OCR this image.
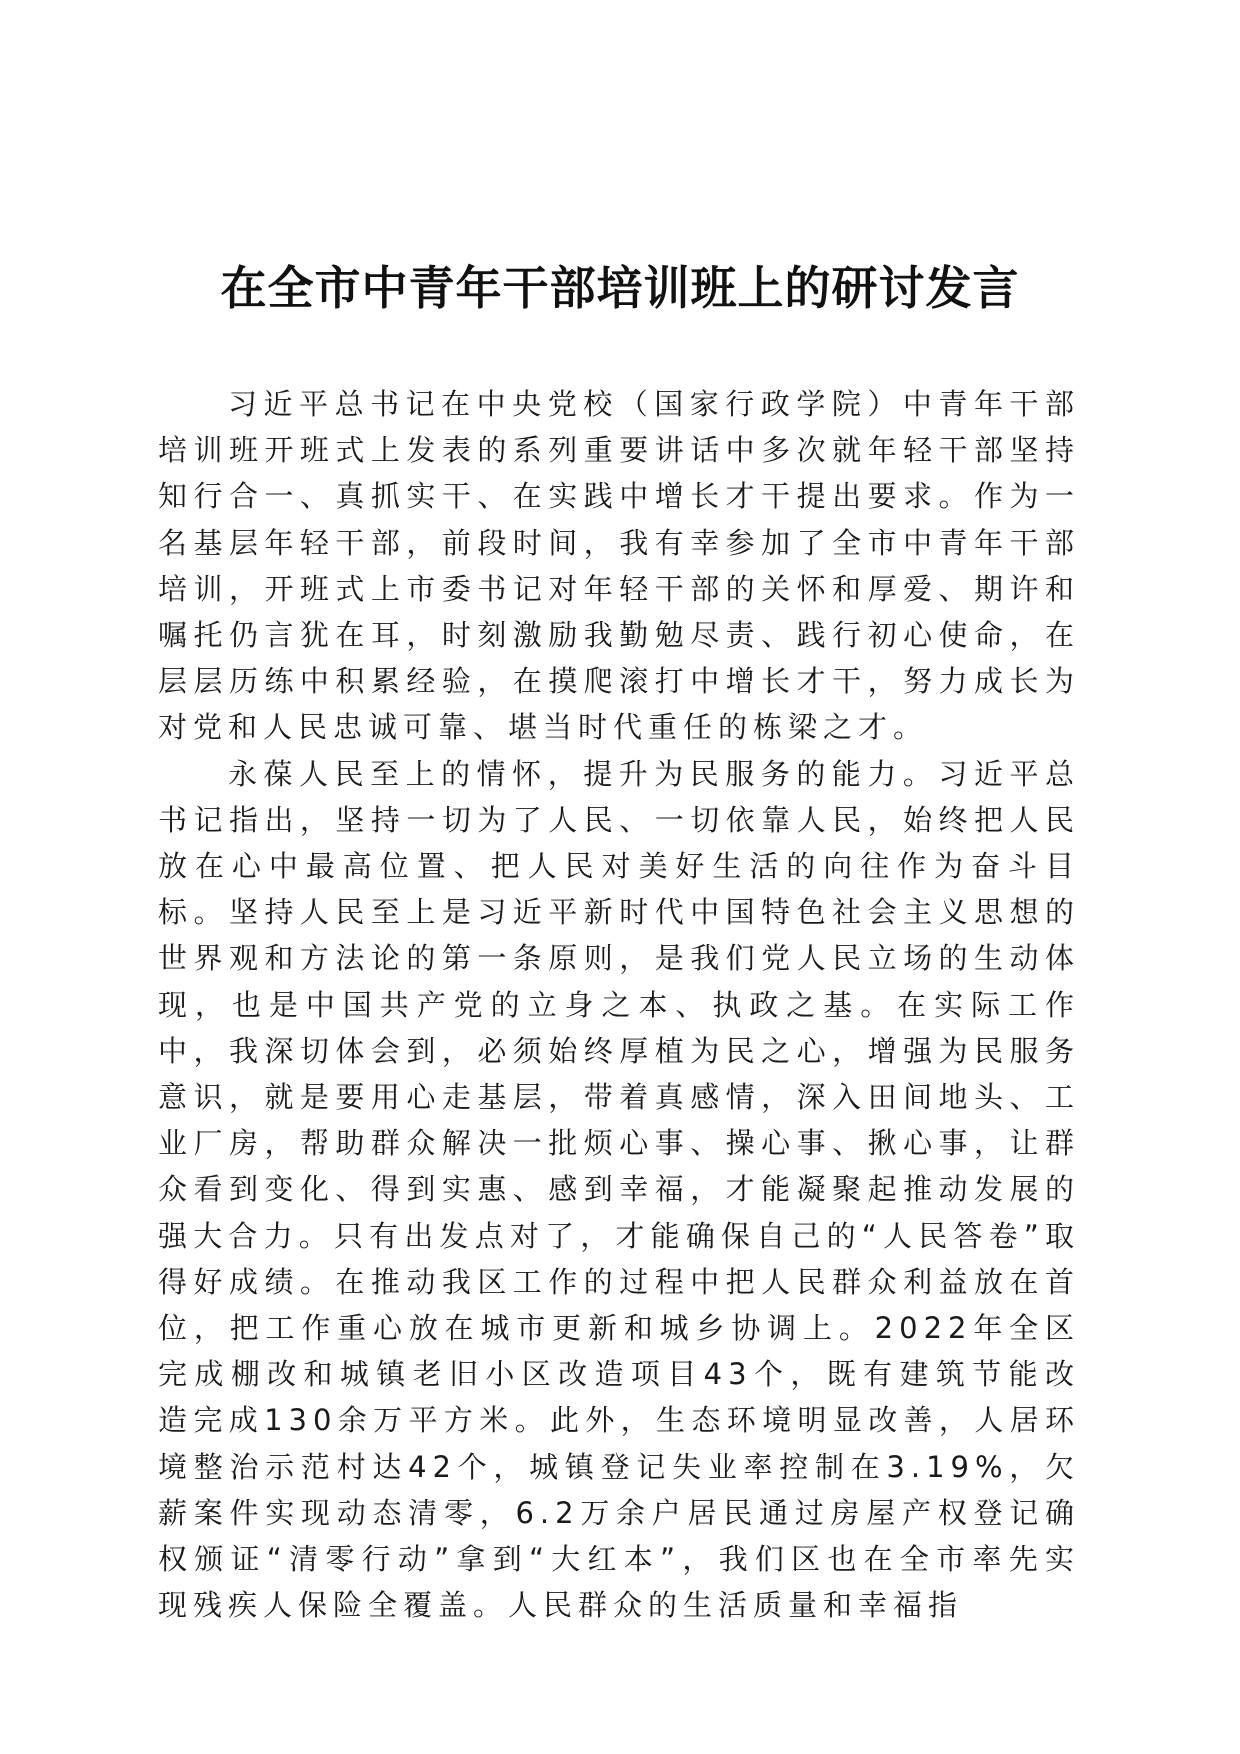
在全市中青年干部培训班上的研讨发言

习近平总书记在中央党校（国家行政学院）中青年干部培训班开班式上发表的系列重要讲话中多次就年轻干部坚持知行合一、真抓实干、在实践中增长才干提出要求。作为一名基层年轻干部，前段时间，我有幸参加了全市中青年干部培训，开班式上市委书记对年轻干部的关怀和厚爱、期许和嘱托仍言犹在耳，时刻激励我勤勉尽责、践行初心使命，在层层历练中积累经验，在摸爬滚打中增长才干，努力成长为对党和人民忠诚可靠、堪当时代重任的栋梁之才。

永葆人民至上的情怀，提升为民服务的能力。习近平总书记指出，坚持一切为了人民、一切依靠人民，始终把人民放在心中最高位置、把人民对美好生活的向往作为奋斗目标。坚持人民至上是习近平新时代中国特色社会主义思想的世界观和方法论的第一条原则，是我们党人民立场的生动体现，也是中国共产党的立身之本、执政之基。在实际工作中，我深切体会到，必须始终厚植为民之心，增强为民服务意识，就是要用心走基层，带着真感情，深入田间地头、工业厂房，帮助群众解决一批烦心事、操心事、揪心事，让群众看到变化、得到实惠、感到幸福，才能凝聚起推动发展的强大合力。只有出发点对了，才能确保自己的“人民答卷”取得好成绩。在推动我区工作的过程中把人民群众利益放在首位，把工作重心放在城市更新和城乡协调上。2022年全区完成棚改和城镇老旧小区改造项目43个，既有建筑节能改造完成130余万平方米。此外，生态环境明显改善，人居环境整治示范村达42个，城镇登记失业率控制在3.19%，欠薪案件实现动态清零，6.2万余户居民通过房屋产权登记确权颁证“清零行动”拿到“大红本”，我们区也在全市率先实现残疾人保险全覆盖。人民群众的生活质量和幸福指
